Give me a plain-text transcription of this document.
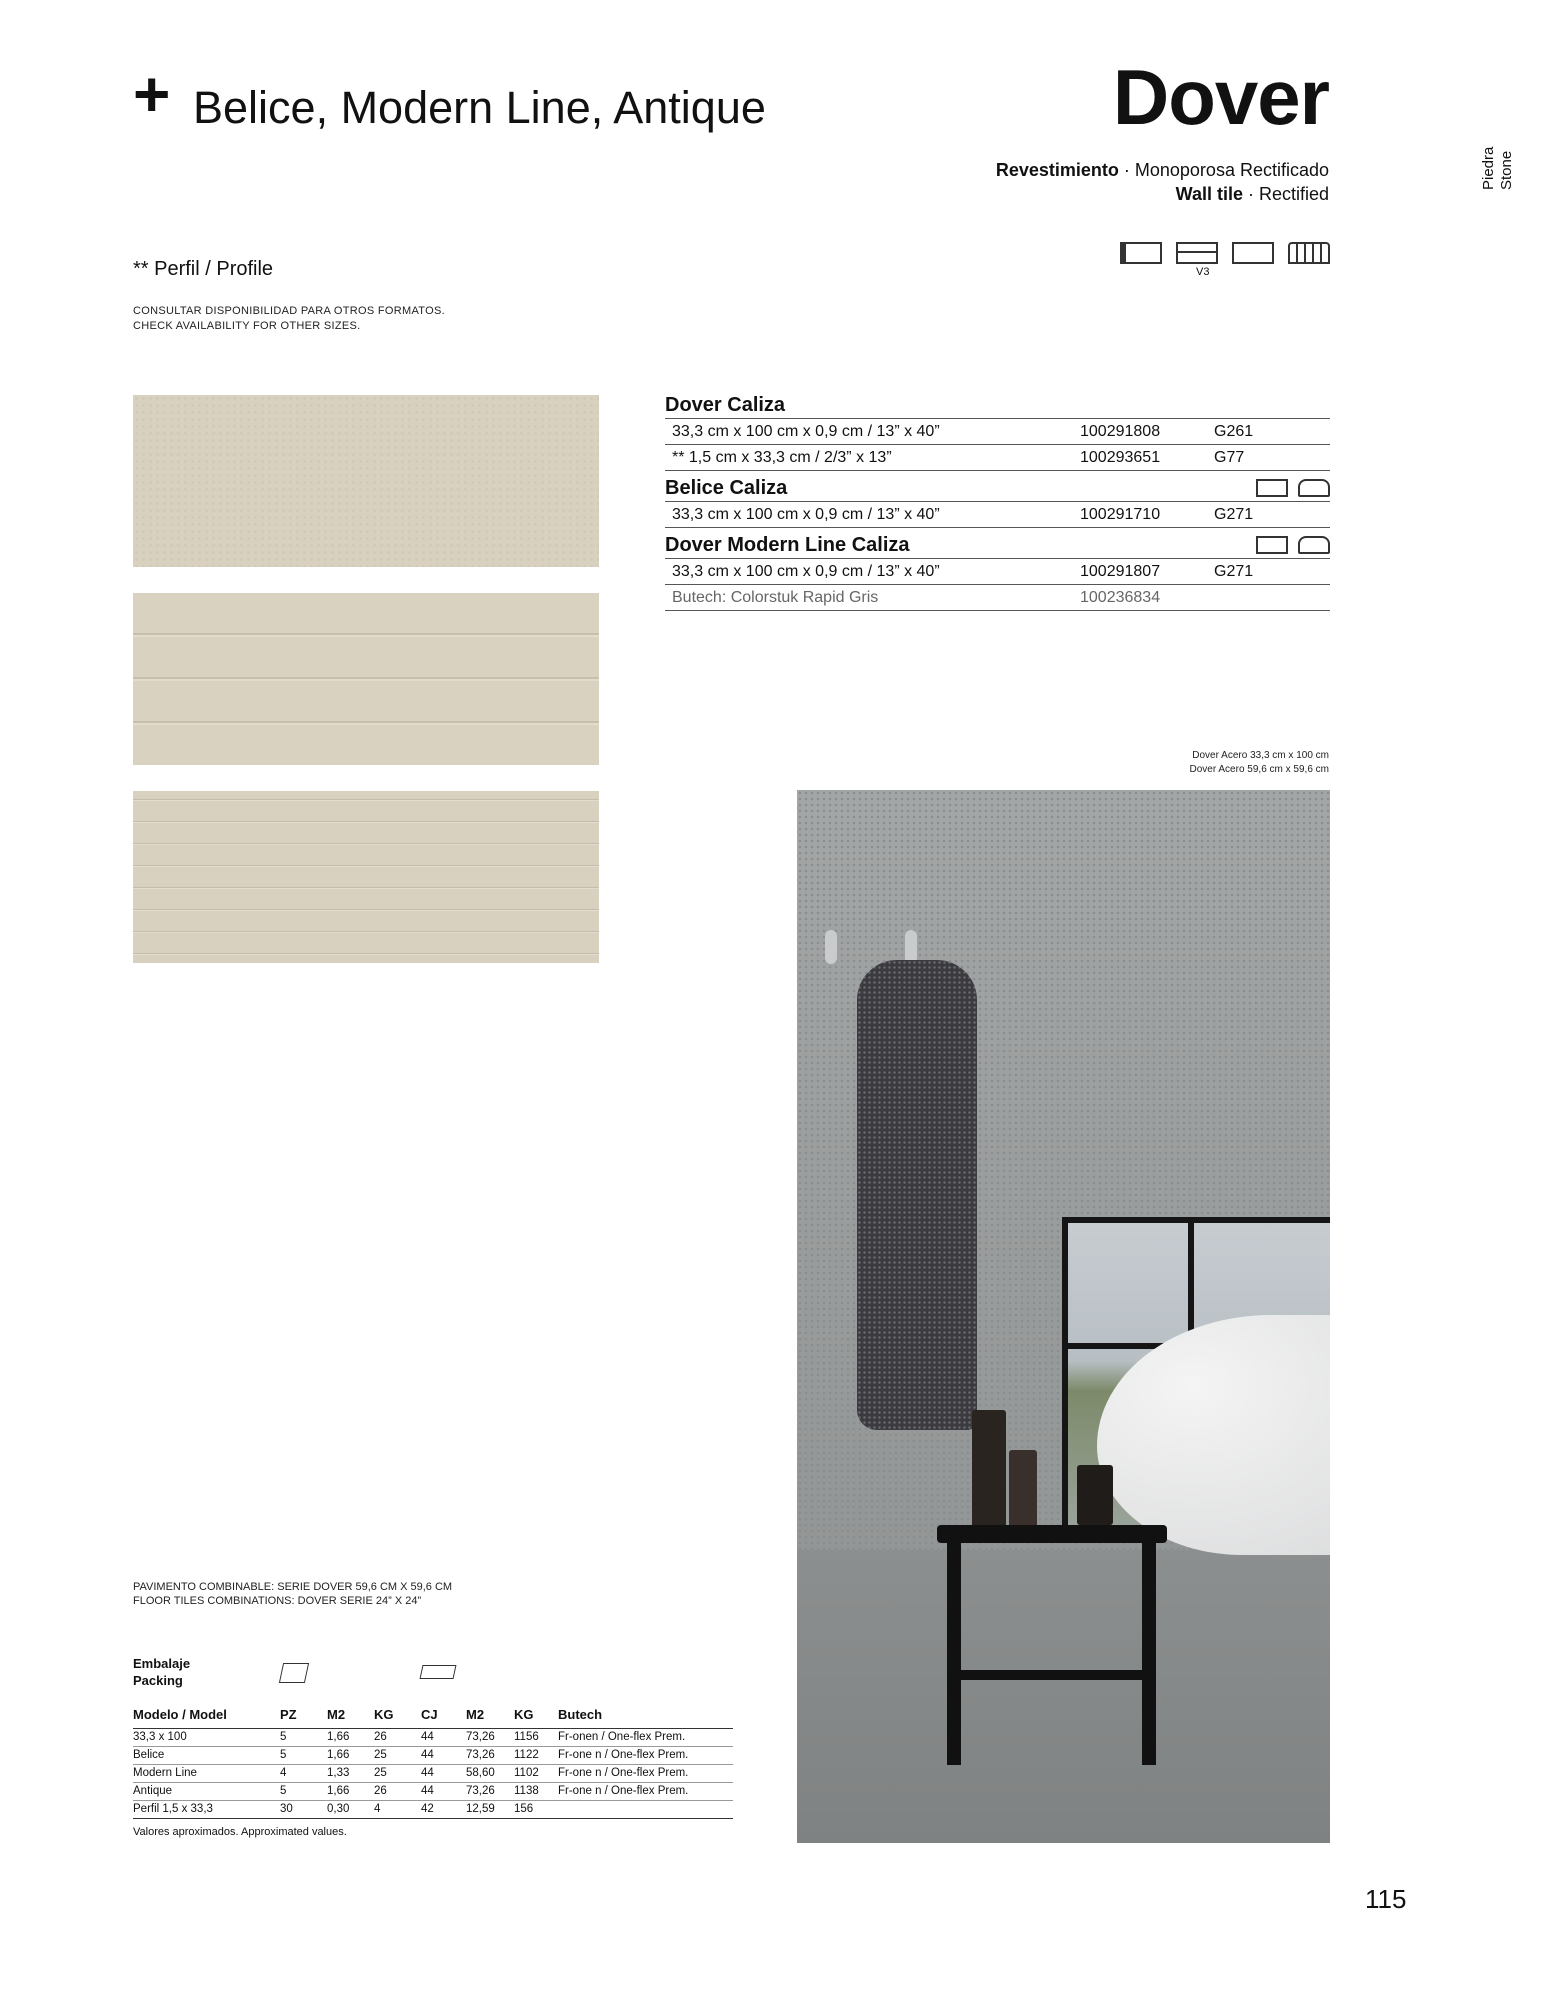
+ Belice, Modern Line, Antique	Dover
Revestimiento · Monoporosa Rectificado
Wall tile · Rectified
Piedra Stone
V3
** Perfil / Profile
CONSULTAR DISPONIBILIDAD PARA OTROS FORMATOS.
CHECK AVAILABILITY FOR OTHER SIZES.
Dover Caliza
33,3 cm x 100 cm x 0,9 cm / 13” x 40”	100291808	G261
** 1,5 cm x 33,3 cm / 2/3” x 13”	100293651	G77
Belice Caliza
33,3 cm x 100 cm x 0,9 cm / 13” x 40”	100291710	G271
Dover Modern Line Caliza
33,3 cm x 100 cm x 0,9 cm / 13” x 40”	100291807	G271
Butech: Colorstuk Rapid Gris	100236834
Dover Acero 33,3 cm x 100 cm
Dover Acero 59,6 cm x 59,6 cm
PAVIMENTO COMBINABLE: SERIE DOVER 59,6 CM X 59,6 CM
FLOOR TILES COMBINATIONS: DOVER SERIE 24” X 24”
Embalaje
Packing
Modelo / Model	PZ	M2	KG	CJ	M2	KG	Butech
33,3 x 100	5	1,66	26	44	73,26	1156	Fr-onen / One-flex Prem.
Belice	5	1,66	25	44	73,26	1122	Fr-one n / One-flex Prem.
Modern Line	4	1,33	25	44	58,60	1102	Fr-one n / One-flex Prem.
Antique	5	1,66	26	44	73,26	1138	Fr-one n / One-flex Prem.
Perfil 1,5 x 33,3	30	0,30	4	42	12,59	156	
Valores aproximados. Approximated values.
115
